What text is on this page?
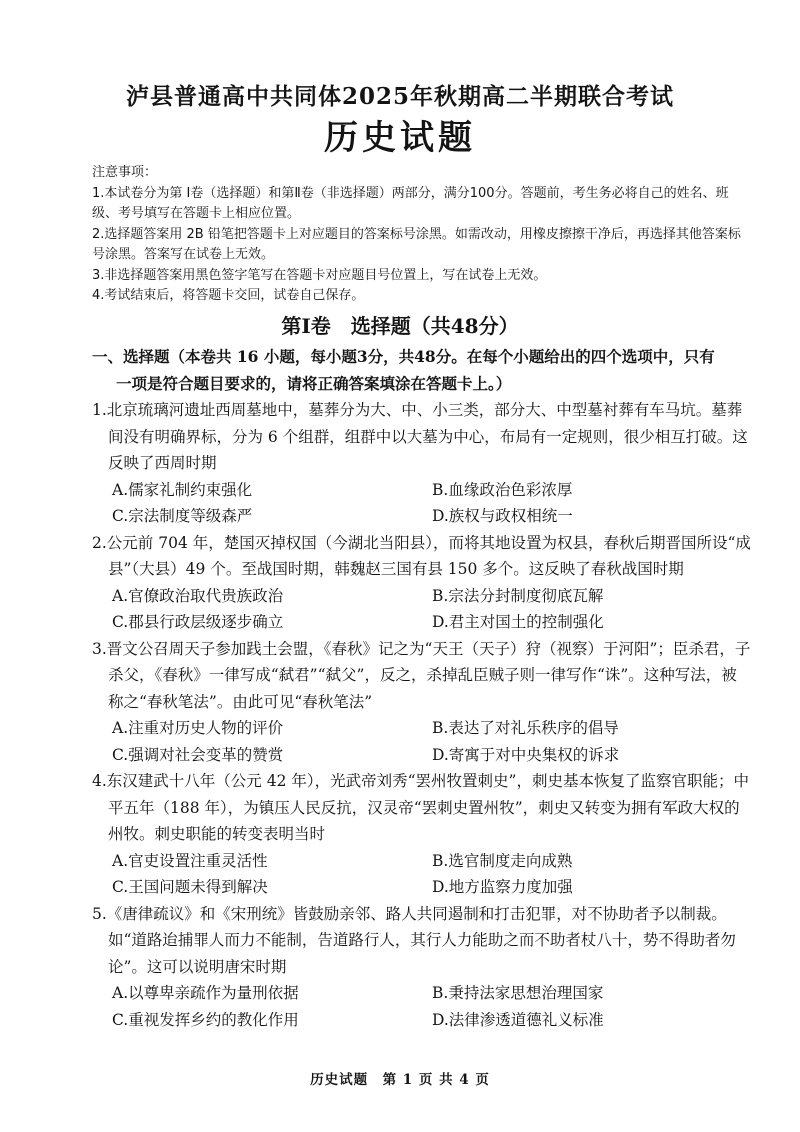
泸县普通高中共同体2025年秋期高二半期联合考试
历史试题
注意事项：
1.本试卷分为第 Ⅰ卷（选择题）和第Ⅱ卷（非选择题）两部分，满分100分。答题前，考生务必将自己的姓名、班级、考号填写在答题卡上相应位置。
2.选择题答案用 2B 铅笔把答题卡上对应题目的答案标号涂黑。如需改动，用橡皮擦擦干净后，再选择其他答案标号涂黑。答案写在试卷上无效。
3.非选择题答案用黑色签字笔写在答题卡对应题目号位置上，写在试卷上无效。
4.考试结束后，将答题卡交回，试卷自己保存。
第Ⅰ卷　选择题（共48分）
一、选择题（本卷共 16 小题，每小题3分，共48分。在每个小题给出的四个选项中，只有
一项是符合题目要求的，请将正确答案填涂在答题卡上。）
1.北京琉璃河遗址西周墓地中，墓葬分为大、中、小三类，部分大、中型墓衬葬有车马坑。墓葬间没有明确界标，分为 6 个组群，组群中以大墓为中心，布局有一定规则，很少相互打破。这反映了西周时期
A.儒家礼制约束强化	B.血缘政治色彩浓厚
C.宗法制度等级森严	D.族权与政权相统一
2.公元前 704 年，楚国灭掉权国（今湖北当阳县），而将其地设置为权县，春秋后期晋国所设“成县”（大县）49 个。至战国时期，韩魏赵三国有县 150 多个。这反映了春秋战国时期
A.官僚政治取代贵族政治	B.宗法分封制度彻底瓦解
C.郡县行政层级逐步确立	D.君主对国土的控制强化
3.晋文公召周天子参加践土会盟，《春秋》记之为“天王（天子）狩（视察）于河阳”；臣杀君，子杀父，《春秋》一律写成“弑君”“弑父”，反之，杀掉乱臣贼子则一律写作“诛”。这种写法，被称之“春秋笔法”。由此可见“春秋笔法”
A.注重对历史人物的评价	B.表达了对礼乐秩序的倡导
C.强调对社会变革的赞赏	D.寄寓于对中央集权的诉求
4.东汉建武十八年（公元 42 年），光武帝刘秀“罢州牧置刺史”，刺史基本恢复了监察官职能；中平五年（188 年），为镇压人民反抗，汉灵帝“罢刺史置州牧”，刺史又转变为拥有军政大权的州牧。刺史职能的转变表明当时
A.官吏设置注重灵活性	B.选官制度走向成熟
C.王国问题未得到解决	D.地方监察力度加强
5.《唐律疏议》和《宋刑统》皆鼓励亲邻、路人共同遏制和打击犯罪，对不协助者予以制裁。如“道路迨捕罪人而力不能制，告道路行人，其行人力能助之而不助者杖八十，势不得助者勿论”。这可以说明唐宋时期
A.以尊卑亲疏作为量刑依据	B.秉持法家思想治理国家
C.重视发挥乡约的教化作用	D.法律渗透道德礼义标准
历史试题　第 1 页 共 4 页
